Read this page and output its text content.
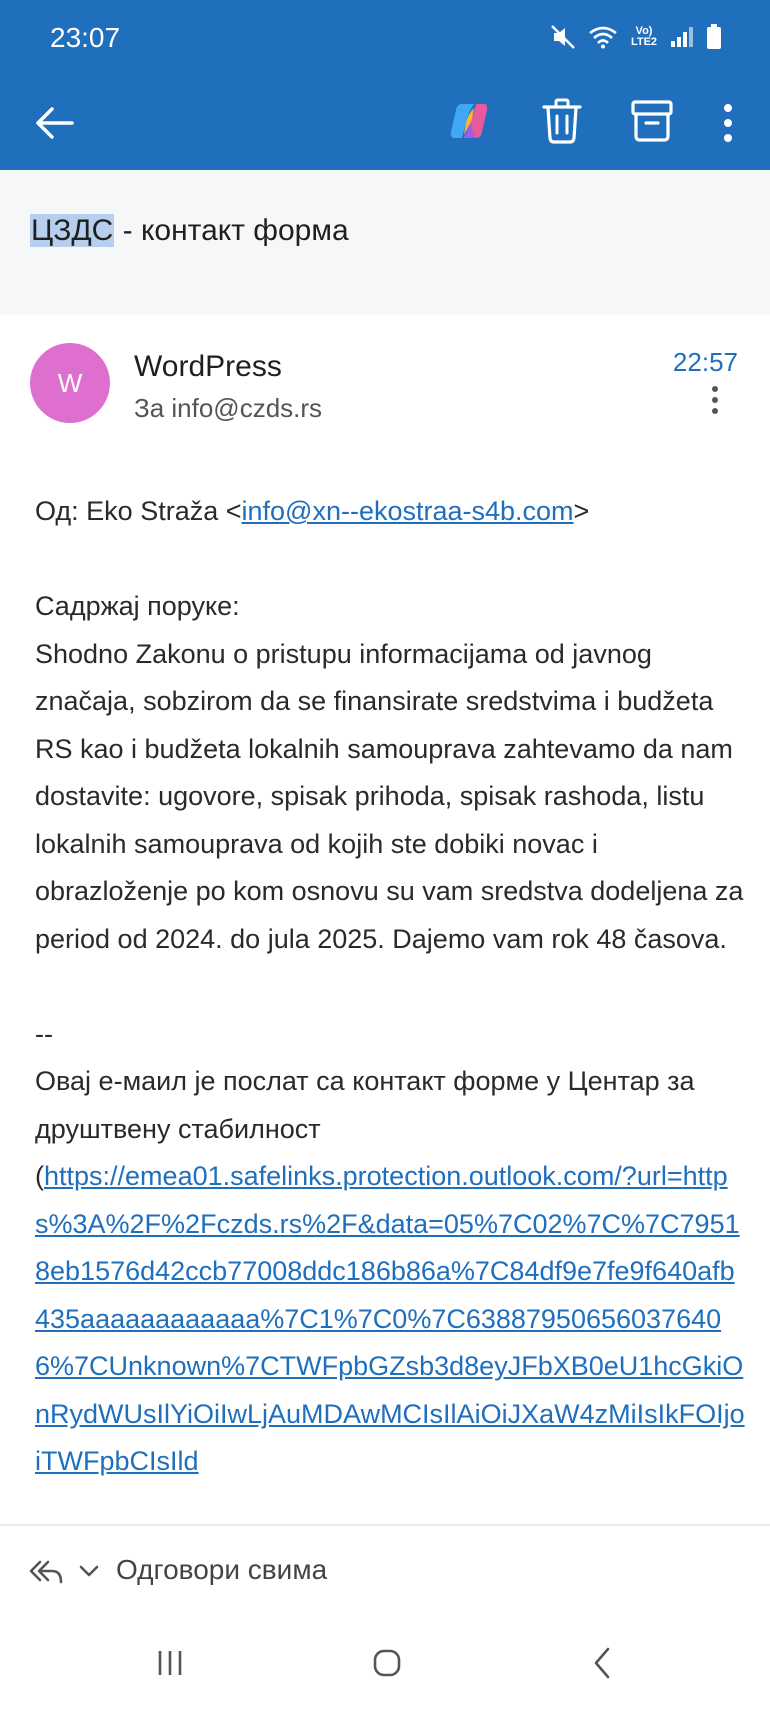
23:07	Vo) LTE2
ЦЗДС - контакт форма
W	WordPress
За info@czds.rs
22:57

Од: Eko Straža <info@xn--ekostraa-s4b.com>

Садржај поруке:

Shodno Zakonu o pristupu informacijama od javnog značaja, sobzirom da se finansirate sredstvima i budžeta RS kao i budžeta lokalnih samouprava zahtevamo da nam dostavite: ugovore, spisak prihoda, spisak rashoda, listu lokalnih samouprava od kojih ste dobiki novac i obrazloženje po kom osnovu su vam sredstva dodeljena za period od 2024. do jula 2025. Dajemo vam rok 48 časova.

--

Овај е-маил је послат са контакт форме у Центар за друштвену стабилност

(https://emea01.safelinks.protection.outlook.com/?url=https%3A%2F%2Fczds.rs%2F&data=05%7C02%7C%7C79518eb1576d42ccb77008ddc186b86a%7C84df9e7fe9f640afb435aaaaaaaaaaaa%7C1%7C0%7C638879506560376406%7CUnknown%7CTWFpbGZsb3d8eyJFbXB0eU1hcGkiOnRydWUsIlYiOiIwLjAuMDAwMCIsIlAiOiJXaW4zMiIsIkFOIjoiTWFpbCIsIld

Одговори свима
